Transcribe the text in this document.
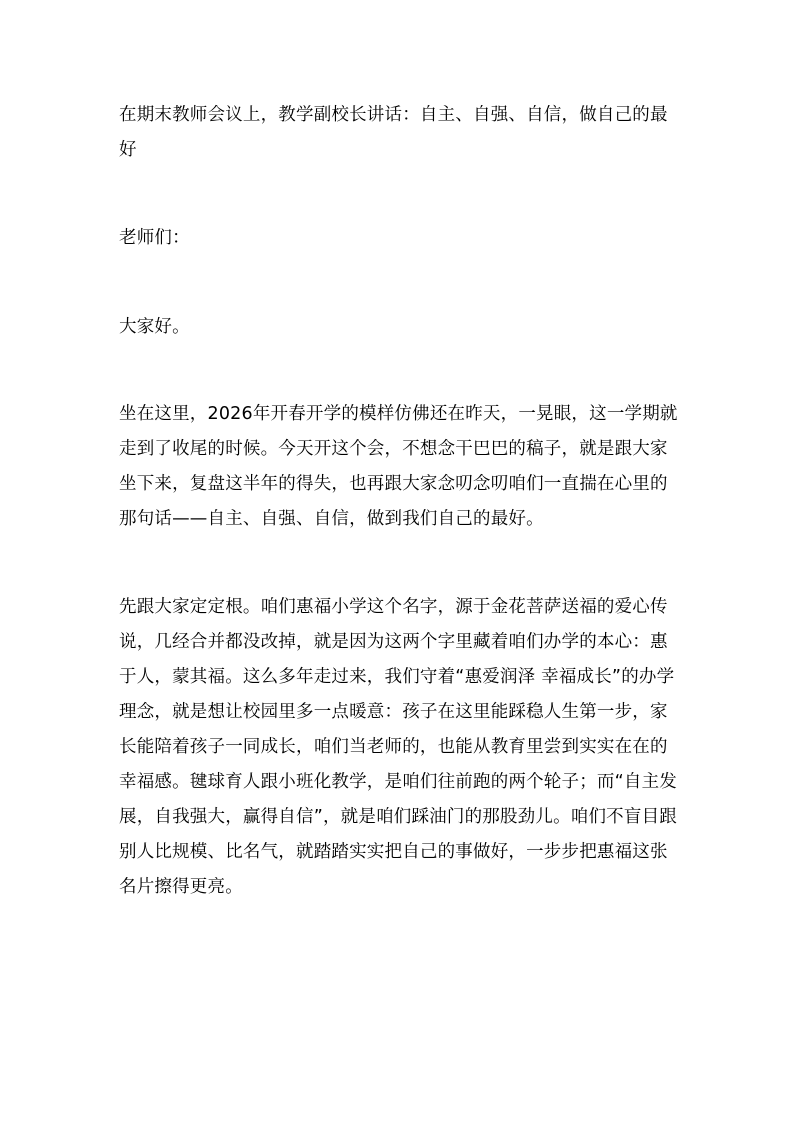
在期末教师会议上，教学副校长讲话：自主、自强、自信，做自己的最好

老师们：

大家好。

坐在这里，2026年开春开学的模样仿佛还在昨天，一晃眼，这一学期就走到了收尾的时候。今天开这个会，不想念干巴巴的稿子，就是跟大家坐下来，复盘这半年的得失，也再跟大家念叨念叨咱们一直揣在心里的那句话——自主、自强、自信，做到我们自己的最好。

先跟大家定定根。咱们惠福小学这个名字，源于金花菩萨送福的爱心传说，几经合并都没改掉，就是因为这两个字里藏着咱们办学的本心：惠于人，蒙其福。这么多年走过来，我们守着“惠爱润泽 幸福成长”的办学理念，就是想让校园里多一点暖意：孩子在这里能踩稳人生第一步，家长能陪着孩子一同成长，咱们当老师的，也能从教育里尝到实实在在的幸福感。毽球育人跟小班化教学，是咱们往前跑的两个轮子；而“自主发展，自我强大，赢得自信”，就是咱们踩油门的那股劲儿。咱们不盲目跟别人比规模、比名气，就踏踏实实把自己的事做好，一步步把惠福这张名片擦得更亮。
